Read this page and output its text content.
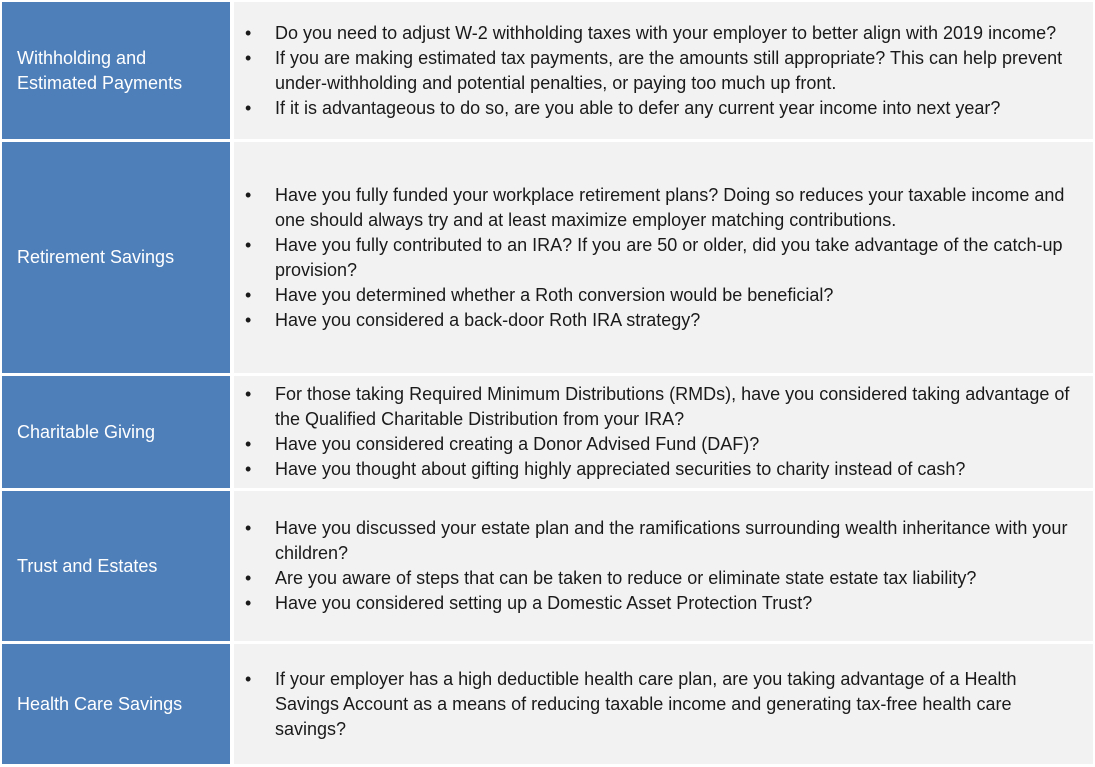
Withholding and Estimated Payments
• Do you need to adjust W-2 withholding taxes with your employer to better align with 2019 income?
• If you are making estimated tax payments, are the amounts still appropriate? This can help prevent under-withholding and potential penalties, or paying too much up front.
• If it is advantageous to do so, are you able to defer any current year income into next year?
Retirement Savings
• Have you fully funded your workplace retirement plans? Doing so reduces your taxable income and one should always try and at least maximize employer matching contributions.
• Have you fully contributed to an IRA? If you are 50 or older, did you take advantage of the catch-up provision?
• Have you determined whether a Roth conversion would be beneficial?
• Have you considered a back-door Roth IRA strategy?
Charitable Giving
• For those taking Required Minimum Distributions (RMDs), have you considered taking advantage of the Qualified Charitable Distribution from your IRA?
• Have you considered creating a Donor Advised Fund (DAF)?
• Have you thought about gifting highly appreciated securities to charity instead of cash?
Trust and Estates
• Have you discussed your estate plan and the ramifications surrounding wealth inheritance with your children?
• Are you aware of steps that can be taken to reduce or eliminate state estate tax liability?
• Have you considered setting up a Domestic Asset Protection Trust?
Health Care Savings
• If your employer has a high deductible health care plan, are you taking advantage of a Health Savings Account as a means of reducing taxable income and generating tax-free health care savings?
